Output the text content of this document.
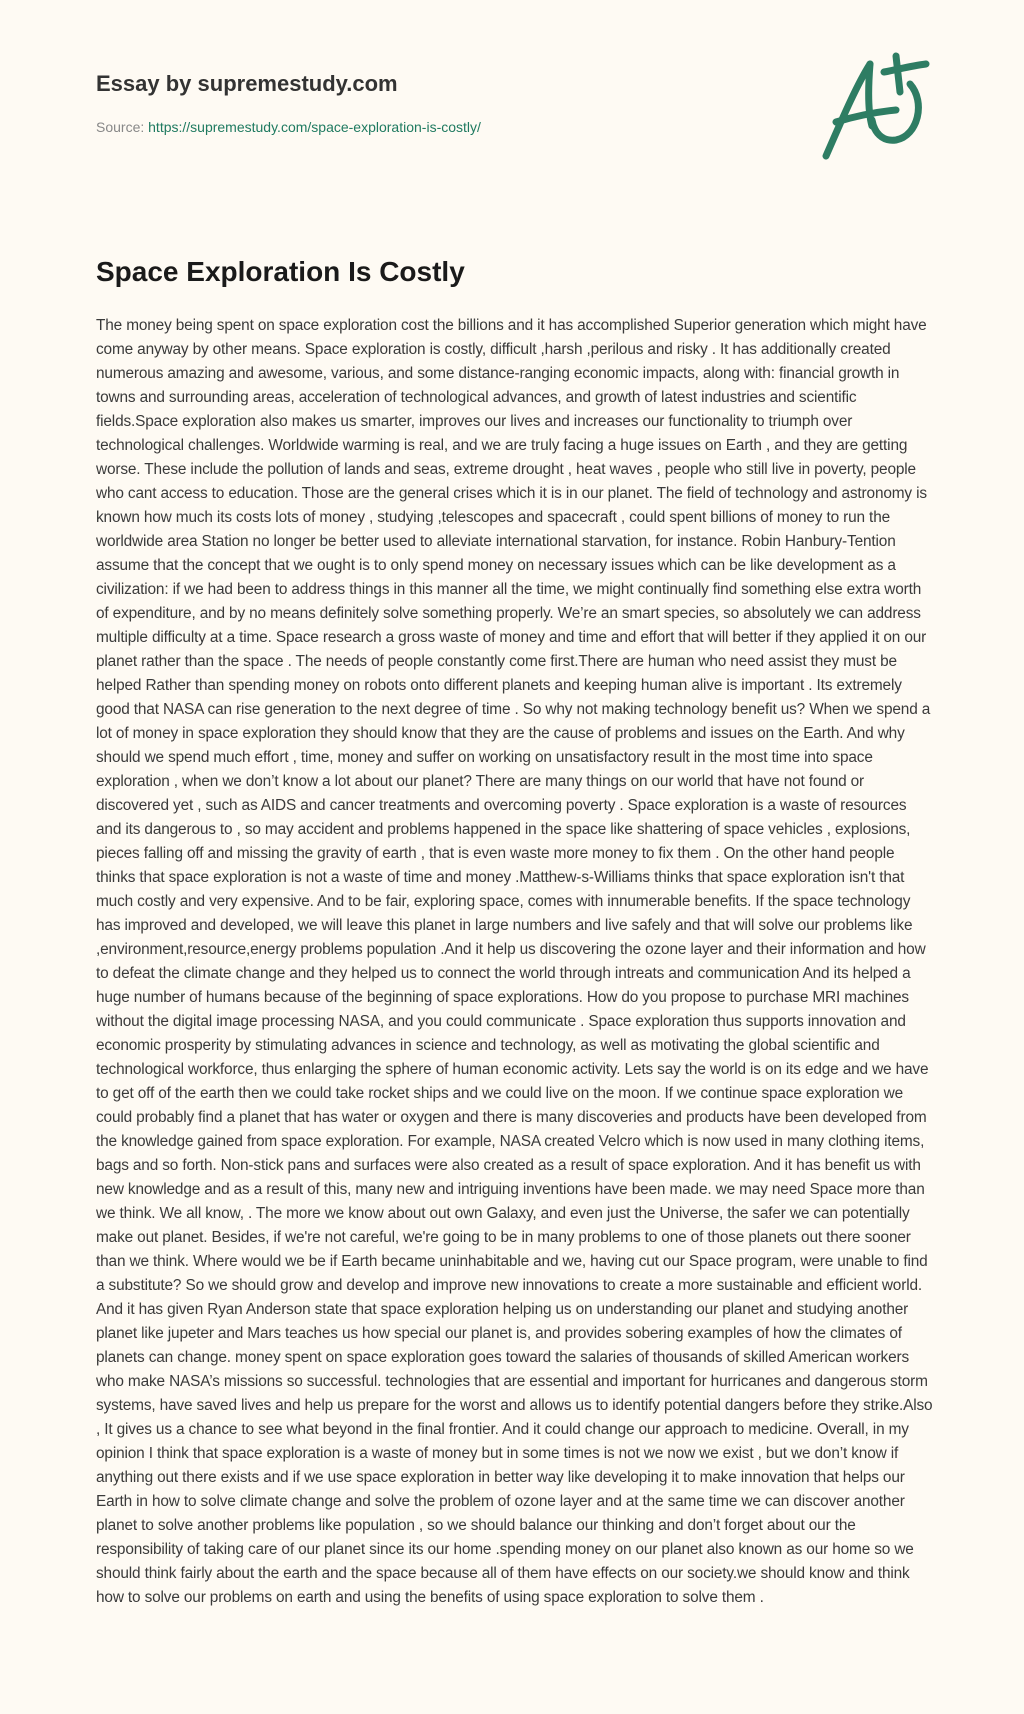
Essay by supremestudy.com
Source: https://supremestudy.com/space-exploration-is-costly/
Space Exploration Is Costly

The money being spent on space exploration cost the billions and it has accomplished Superior generation which might have come anyway by other means. Space exploration is costly, difficult ,harsh ,perilous and risky . It has additionally created numerous amazing and awesome, various, and some distance-ranging economic impacts, along with: financial growth in towns and surrounding areas, acceleration of technological advances, and growth of latest industries and scientific fields.Space exploration also makes us smarter, improves our lives and increases our functionality to triumph over technological challenges. Worldwide warming is real, and we are truly facing a huge issues on Earth , and they are getting worse. These include the pollution of lands and seas, extreme drought , heat waves , people who still live in poverty, people who cant access to education. Those are the general crises which it is in our planet. The field of technology and astronomy is known how much its costs lots of money , studying ,telescopes and spacecraft , could spent billions of money to run the worldwide area Station no longer be better used to alleviate international starvation, for instance. Robin Hanbury-Tention assume that the concept that we ought is to only spend money on necessary issues which can be like development as a civilization: if we had been to address things in this manner all the time, we might continually find something else extra worth of expenditure, and by no means definitely solve something properly. We’re an smart species, so absolutely we can address multiple difficulty at a time. Space research a gross waste of money and time and effort that will better if they applied it on our planet rather than the space . The needs of people constantly come first.There are human who need assist they must be helped Rather than spending money on robots onto different planets and keeping human alive is important . Its extremely good that NASA can rise generation to the next degree of time . So why not making technology benefit us? When we spend a lot of money in space exploration they should know that they are the cause of problems and issues on the Earth. And why should we spend much effort , time, money and suffer on working on unsatisfactory result in the most time into space exploration , when we don’t know a lot about our planet? There are many things on our world that have not found or discovered yet , such as AIDS and cancer treatments and overcoming poverty . Space exploration is a waste of resources and its dangerous to , so may accident and problems happened in the space like shattering of space vehicles , explosions, pieces falling off and missing the gravity of earth , that is even waste more money to fix them . On the other hand people thinks that space exploration is not a waste of time and money .Matthew-s-Williams thinks that space exploration isn't that much costly and very expensive. And to be fair, exploring space, comes with innumerable benefits. If the space technology has improved and developed, we will leave this planet in large numbers and live safely and that will solve our problems like ,environment,resource,energy problems population .And it help us discovering the ozone layer and their information and how to defeat the climate change and they helped us to connect the world through intreats and communication And its helped a huge number of humans because of the beginning of space explorations. How do you propose to purchase MRI machines without the digital image processing NASA, and you could communicate . Space exploration thus supports innovation and economic prosperity by stimulating advances in science and technology, as well as motivating the global scientific and technological workforce, thus enlarging the sphere of human economic activity. Lets say the world is on its edge and we have to get off of the earth then we could take rocket ships and we could live on the moon. If we continue space exploration we could probably find a planet that has water or oxygen and there is many discoveries and products have been developed from the knowledge gained from space exploration. For example, NASA created Velcro which is now used in many clothing items, bags and so forth. Non-stick pans and surfaces were also created as a result of space exploration. And it has benefit us with new knowledge and as a result of this, many new and intriguing inventions have been made. we may need Space more than we think. We all know, . The more we know about out own Galaxy, and even just the Universe, the safer we can potentially make out planet. Besides, if we're not careful, we're going to be in many problems to one of those planets out there sooner than we think. Where would we be if Earth became uninhabitable and we, having cut our Space program, were unable to find a substitute? So we should grow and develop and improve new innovations to create a more sustainable and efficient world. And it has given Ryan Anderson state that space exploration helping us on understanding our planet and studying another planet like jupeter and Mars teaches us how special our planet is, and provides sobering examples of how the climates of planets can change. money spent on space exploration goes toward the salaries of thousands of skilled American workers who make NASA’s missions so successful. technologies that are essential and important for hurricanes and dangerous storm systems, have saved lives and help us prepare for the worst and allows us to identify potential dangers before they strike.Also , It gives us a chance to see what beyond in the final frontier. And it could change our approach to medicine. Overall, in my opinion I think that space exploration is a waste of money but in some times is not we now we exist , but we don’t know if anything out there exists and if we use space exploration in better way like developing it to make innovation that helps our Earth in how to solve climate change and solve the problem of ozone layer and at the same time we can discover another planet to solve another problems like population , so we should balance our thinking and don’t forget about our the responsibility of taking care of our planet since its our home .spending money on our planet also known as our home so we should think fairly about the earth and the space because all of them have effects on our society.we should know and think how to solve our problems on earth and using the benefits of using space exploration to solve them .
